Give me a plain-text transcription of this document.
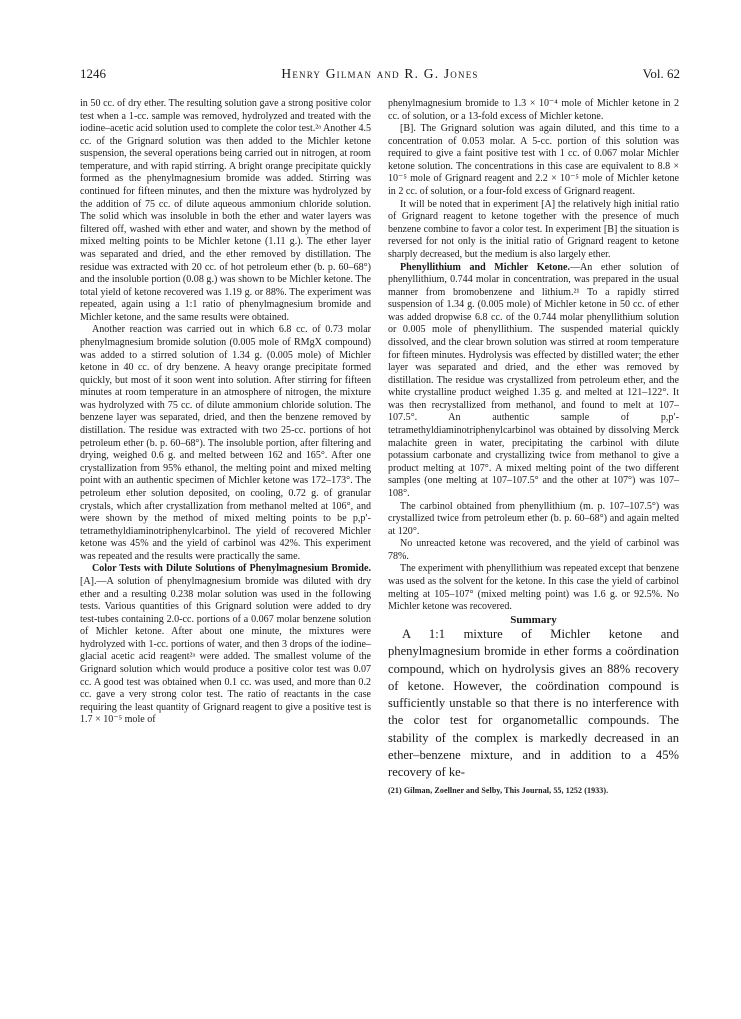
1246	Henry Gilman and R. G. Jones	Vol. 62

in 50 cc. of dry ether. The resulting solution gave a strong positive color test when a 1-cc. sample was removed, hydrolyzed and treated with the iodine–acetic acid solution used to complete the color test.²ᵃ Another 4.5 cc. of the Grignard solution was then added to the Michler ketone suspension, the several operations being carried out in nitrogen, at room temperature, and with rapid stirring. A bright orange precipitate quickly formed as the phenylmagnesium bromide was added. Stirring was continued for fifteen minutes, and then the mixture was hydrolyzed by the addition of 75 cc. of dilute aqueous ammonium chloride solution. The solid which was insoluble in both the ether and water layers was filtered off, washed with ether and water, and shown by the method of mixed melting points to be Michler ketone (1.11 g.). The ether layer was separated and dried, and the ether removed by distillation. The residue was extracted with 20 cc. of hot petroleum ether (b. p. 60–68°) and the insoluble portion (0.08 g.) was shown to be Michler ketone. The total yield of ketone recovered was 1.19 g. or 88%. The experiment was repeated, again using a 1:1 ratio of phenylmagnesium bromide and Michler ketone, and the same results were obtained.

Another reaction was carried out in which 6.8 cc. of 0.73 molar phenylmagnesium bromide solution (0.005 mole of RMgX compound) was added to a stirred solution of 1.34 g. (0.005 mole) of Michler ketone in 40 cc. of dry benzene. A heavy orange precipitate formed quickly, but most of it soon went into solution. After stirring for fifteen minutes at room temperature in an atmosphere of nitrogen, the mixture was hydrolyzed with 75 cc. of dilute ammonium chloride solution. The benzene layer was separated, dried, and then the benzene removed by distillation. The residue was extracted with two 25-cc. portions of hot petroleum ether (b. p. 60–68°). The insoluble portion, after filtering and drying, weighed 0.6 g. and melted between 162 and 165°. After one crystallization from 95% ethanol, the melting point and mixed melting point with an authentic specimen of Michler ketone was 172–173°. The petroleum ether solution deposited, on cooling, 0.72 g. of granular crystals, which after crystallization from methanol melted at 106°, and were shown by the method of mixed melting points to be p,p′-tetramethyldiaminotriphenylcarbinol. The yield of recovered Michler ketone was 45% and the yield of carbinol was 42%. This experiment was repeated and the results were practically the same.

Color Tests with Dilute Solutions of Phenylmagnesium Bromide. [A].—A solution of phenylmagnesium bromide was diluted with dry ether and a resulting 0.238 molar solution was used in the following tests. Various quantities of this Grignard solution were added to dry test-tubes containing 2.0-cc. portions of a 0.067 molar benzene solution of Michler ketone. After about one minute, the mixtures were hydrolyzed with 1-cc. portions of water, and then 3 drops of the iodine–glacial acetic acid reagent²ᵃ were added. The smallest volume of the Grignard solution which would produce a positive color test was 0.07 cc. A good test was obtained when 0.1 cc. was used, and more than 0.2 cc. gave a very strong color test. The ratio of reactants in the case requiring the least quantity of Grignard reagent to give a positive test is 1.7 × 10⁻⁵ mole of

phenylmagnesium bromide to 1.3 × 10⁻⁴ mole of Michler ketone in 2 cc. of solution, or a 13-fold excess of Michler ketone.

[B]. The Grignard solution was again diluted, and this time to a concentration of 0.053 molar. A 5-cc. portion of this solution was required to give a faint positive test with 1 cc. of 0.067 molar Michler ketone solution. The concentrations in this case are equivalent to 8.8 × 10⁻⁵ mole of Grignard reagent and 2.2 × 10⁻⁵ mole of Michler ketone in 2 cc. of solution, or a four-fold excess of Grignard reagent.

It will be noted that in experiment [A] the relatively high initial ratio of Grignard reagent to ketone together with the presence of much benzene combine to favor a color test. In experiment [B] the situation is reversed for not only is the initial ratio of Grignard reagent to ketone sharply decreased, but the medium is also largely ether.

Phenyllithium and Michler Ketone.—An ether solution of phenyllithium, 0.744 molar in concentration, was prepared in the usual manner from bromobenzene and lithium.²¹ To a rapidly stirred suspension of 1.34 g. (0.005 mole) of Michler ketone in 50 cc. of ether was added dropwise 6.8 cc. of the 0.744 molar phenyllithium solution or 0.005 mole of phenyllithium. The suspended material quickly dissolved, and the clear brown solution was stirred at room temperature for fifteen minutes. Hydrolysis was effected by distilled water; the ether layer was separated and dried, and the ether was removed by distillation. The residue was crystallized from petroleum ether, and the white crystalline product weighed 1.35 g. and melted at 121–122°. It was then recrystallized from methanol, and found to melt at 107–107.5°. An authentic sample of p,p′-tetramethyldiaminotriphenylcarbinol was obtained by dissolving Merck malachite green in water, precipitating the carbinol with dilute potassium carbonate and crystallizing twice from methanol to give a product melting at 107°. A mixed melting point of the two different samples (one melting at 107–107.5° and the other at 107°) was 107–108°.

The carbinol obtained from phenyllithium (m. p. 107–107.5°) was crystallized twice from petroleum ether (b. p. 60–68°) and again melted at 120°.

No unreacted ketone was recovered, and the yield of carbinol was 78%.

The experiment with phenyllithium was repeated except that benzene was used as the solvent for the ketone. In this case the yield of carbinol melting at 105–107° (mixed melting point) was 1.6 g. or 92.5%. No Michler ketone was recovered.

Summary

A 1:1 mixture of Michler ketone and phenylmagnesium bromide in ether forms a coördination compound, which on hydrolysis gives an 88% recovery of ketone. However, the coördination compound is sufficiently unstable so that there is no interference with the color test for organometallic compounds. The stability of the complex is markedly decreased in an ether–benzene mixture, and in addition to a 45% recovery of ke-

(21) Gilman, Zoellner and Selby, This Journal, 55, 1252 (1933).
